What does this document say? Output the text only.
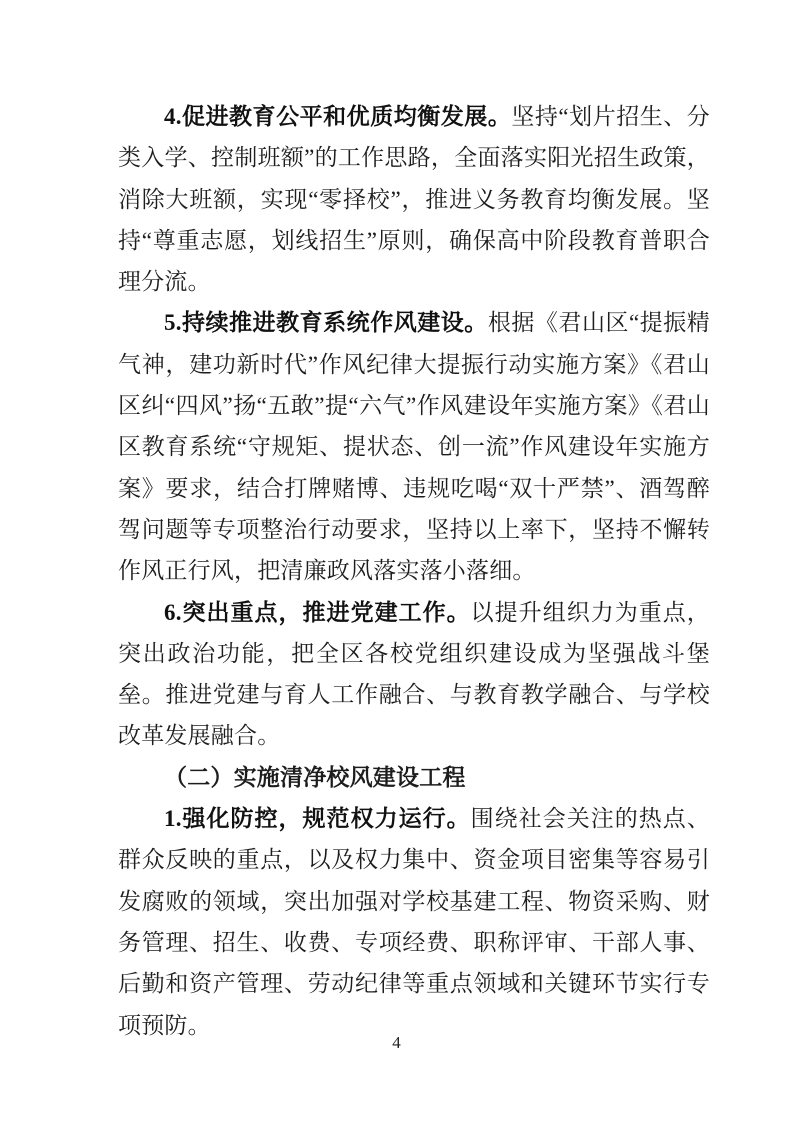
4.促进教育公平和优质均衡发展。坚持“划片招生、分类入学、控制班额”的工作思路，全面落实阳光招生政策，消除大班额，实现“零择校”，推进义务教育均衡发展。坚持“尊重志愿，划线招生”原则，确保高中阶段教育普职合理分流。

5.持续推进教育系统作风建设。根据《君山区“提振精气神，建功新时代”作风纪律大提振行动实施方案》《君山区纠“四风”扬“五敢”提“六气”作风建设年实施方案》《君山区教育系统“守规矩、提状态、创一流”作风建设年实施方案》要求，结合打牌赌博、违规吃喝“双十严禁”、酒驾醉驾问题等专项整治行动要求，坚持以上率下，坚持不懈转作风正行风，把清廉政风落实落小落细。

6.突出重点，推进党建工作。以提升组织力为重点，突出政治功能，把全区各校党组织建设成为坚强战斗堡垒。推进党建与育人工作融合、与教育教学融合、与学校改革发展融合。

（二）实施清净校风建设工程

1.强化防控，规范权力运行。围绕社会关注的热点、群众反映的重点，以及权力集中、资金项目密集等容易引发腐败的领域，突出加强对学校基建工程、物资采购、财务管理、招生、收费、专项经费、职称评审、干部人事、后勤和资产管理、劳动纪律等重点领域和关键环节实行专项预防。

4
